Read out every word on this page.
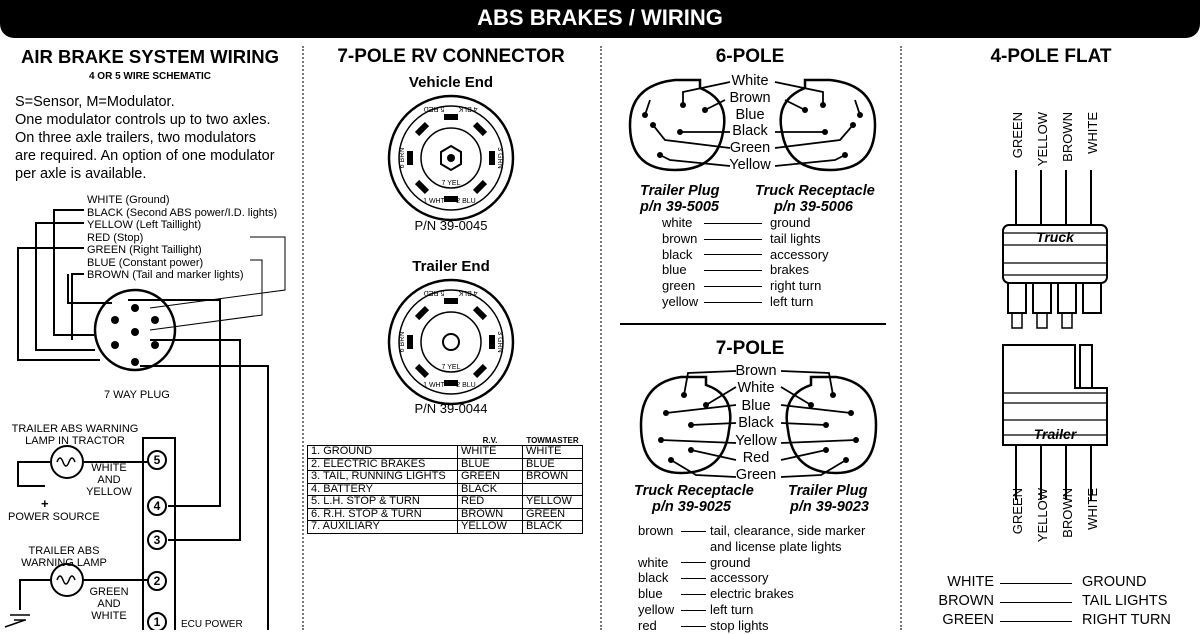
ABS BRAKES / WIRING
AIR BRAKE SYSTEM WIRING
4 OR 5 WIRE SCHEMATIC
S=Sensor, M=Modulator.
One modulator controls up to two axles.
On three axle trailers, two modulators
are required. An option of one modulator
per axle is available.
WHITE (Ground)
BLACK (Second ABS power/I.D. lights)
YELLOW (Left Taillight)
RED (Stop)
GREEN (Right Taillight)
BLUE (Constant power)
BROWN (Tail and marker lights)
5
4
3
2
1
7 WAY PLUG
TRAILER ABS WARNING
LAMP IN TRACTOR
WHITE
AND
YELLOW
+
POWER SOURCE
TRAILER ABS
WARNING LAMP
GREEN
AND
WHITE
ECU POWER
7-POLE RV CONNECTOR
Vehicle End
1 WHT 2 BLU
3 GRN
4 BLK
5 RED
6 BRN
7 YEL
P/N 39-0045
Trailer End
1 WHT 2 BLU
3 GRN
4 BLK
5 RED
6 BRN
7 YEL
P/N 39-0044
	R.V.	TOWMASTER
1. GROUND	WHITE	WHITE
2. ELECTRIC BRAKES	BLUE	BLUE
3. TAIL, RUNNING LIGHTS	GREEN	BROWN
4. BATTERY	BLACK	
5. L.H. STOP & TURN	RED	YELLOW
6. R.H. STOP & TURN	BROWN	GREEN
7. AUXILIARY	YELLOW	BLACK
6-POLE
White
Brown
Blue
Black
Green
Yellow
Trailer Plug
p/n 39-5005
Truck Receptacle
p/n 39-5006
white	ground
brown	tail lights
black	accessory
blue	brakes
green	right turn
yellow	left turn
7-POLE
Brown
White
Blue
Black
Yellow
Red
Green
Truck Receptacle
p/n 39-9025
Trailer Plug
p/n 39-9023
brown	tail, clearance, side marker
and license plate lights
white	ground
black	accessory
blue	electric brakes
yellow	left turn
red	stop lights
4-POLE FLAT
Truck
Trailer
GREEN YELLOW BROWN WHITE
GREEN YELLOW BROWN WHITE
WHITE	GROUND
BROWN	TAIL LIGHTS
GREEN	RIGHT TURN
